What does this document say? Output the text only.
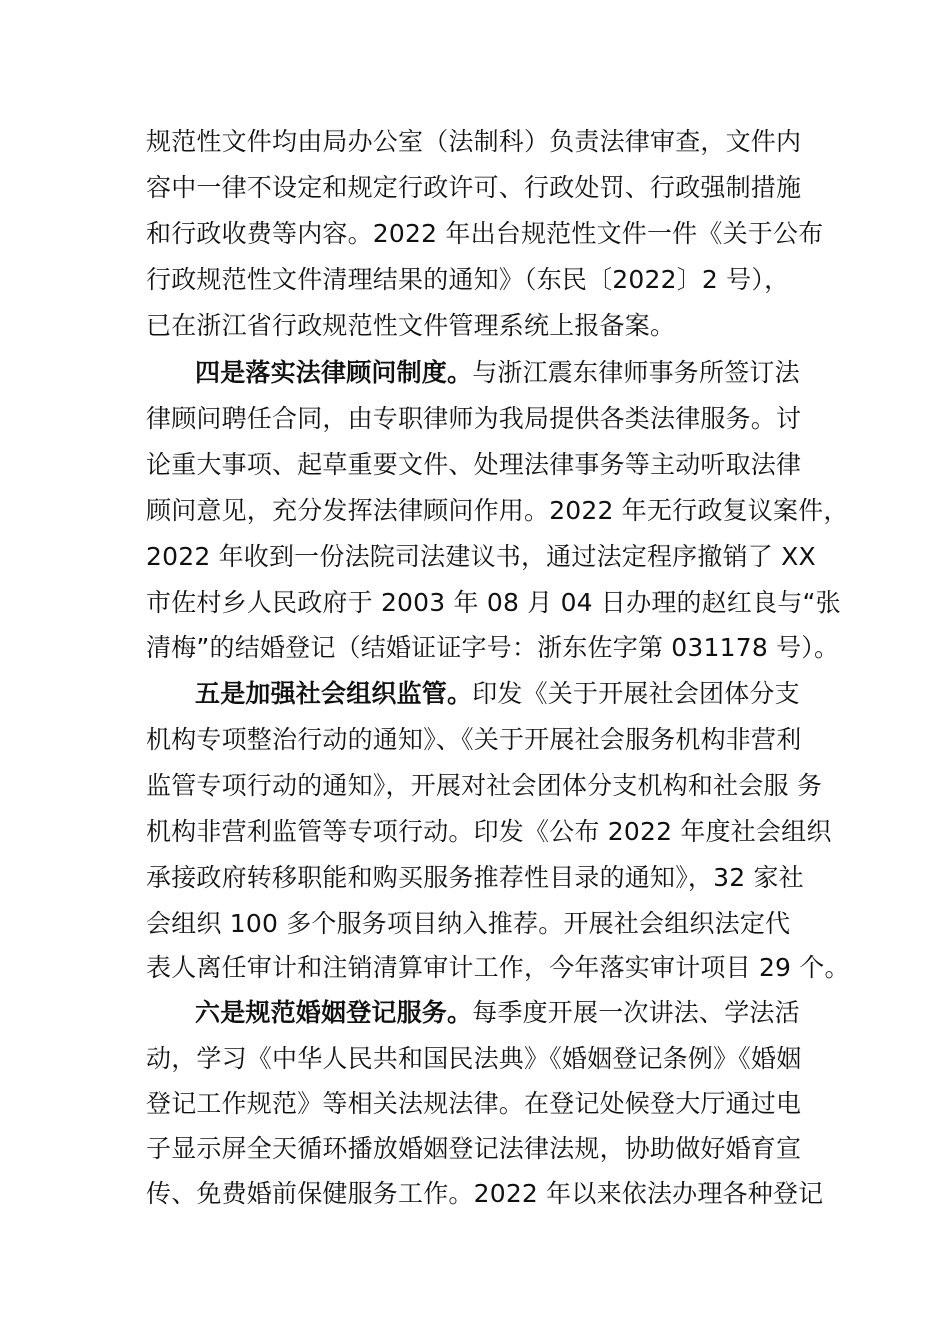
规范性文件均由局办公室（法制科）负责法律审查，文件内
容中一律不设定和规定行政许可、行政处罚、行政强制措施
和行政收费等内容。2022 年出台规范性文件一件《关于公布
行政规范性文件清理结果的通知》（东民〔2022〕2 号），
已在浙江省行政规范性文件管理系统上报备案。
四是落实法律顾问制度。与浙江震东律师事务所签订法
律顾问聘任合同，由专职律师为我局提供各类法律服务。讨
论重大事项、起草重要文件、处理法律事务等主动听取法律
顾问意见，充分发挥法律顾问作用。2022 年无行政复议案件，
2022 年收到一份法院司法建议书，通过法定程序撤销了 XX
市佐村乡人民政府于 2003 年 08 月 04 日办理的赵红良与“张
清梅”的结婚登记（结婚证证字号：浙东佐字第 031178 号）。
五是加强社会组织监管。印发《关于开展社会团体分支
机构专项整治行动的通知》、《关于开展社会服务机构非营利
监管专项行动的通知》，开展对社会团体分支机构和社会服 务
机构非营利监管等专项行动。印发《公布 2022 年度社会组织
承接政府转移职能和购买服务推荐性目录的通知》，32 家社
会组织 100 多个服务项目纳入推荐。开展社会组织法定代
表人离任审计和注销清算审计工作，今年落实审计项目 29 个。
六是规范婚姻登记服务。每季度开展一次讲法、学法活
动，学习《中华人民共和国民法典》《婚姻登记条例》《婚姻
登记工作规范》等相关法规法律。在登记处候登大厅通过电
子显示屏全天循环播放婚姻登记法律法规，协助做好婚育宣
传、免费婚前保健服务工作。2022 年以来依法办理各种登记
